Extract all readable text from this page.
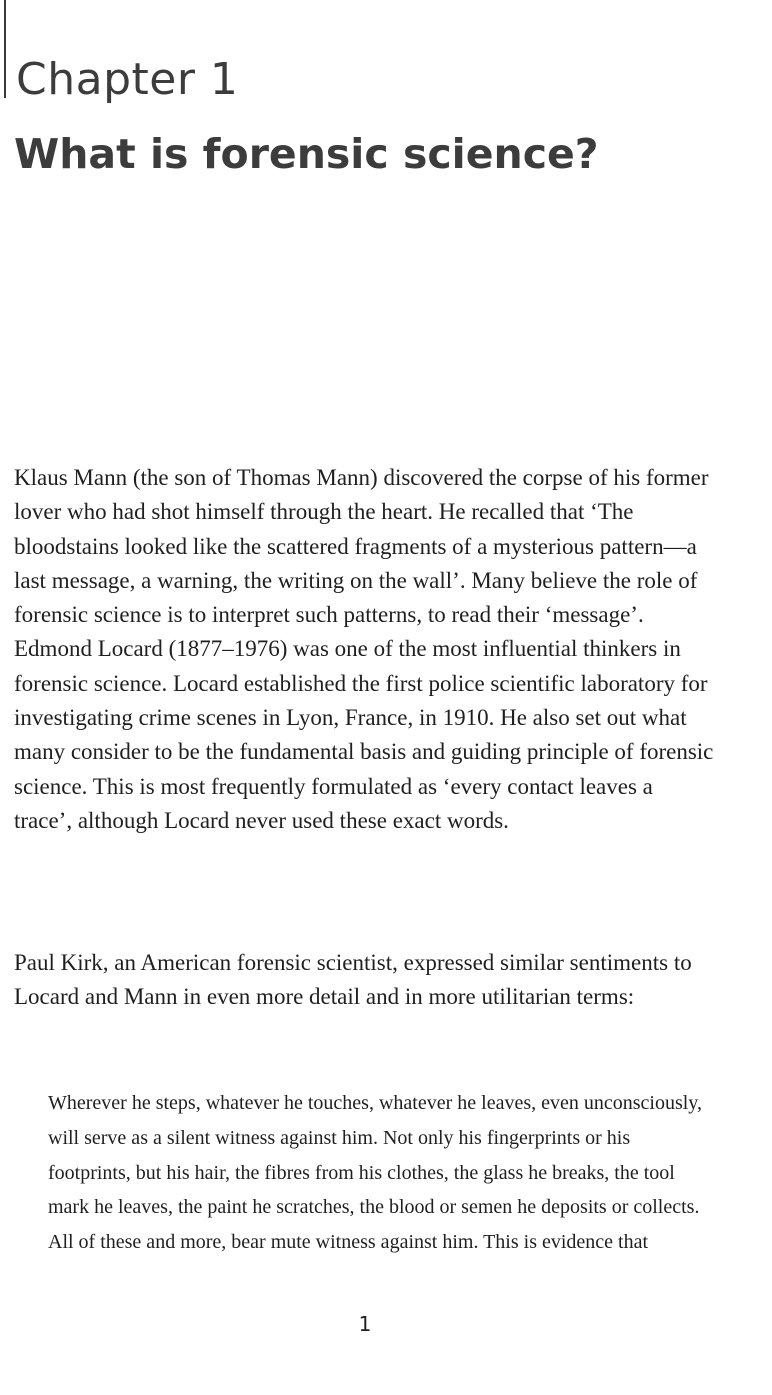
Chapter 1
What is forensic science?

Klaus Mann (the son of Thomas Mann) discovered the corpse of his former lover who had shot himself through the heart. He recalled that ‘The bloodstains looked like the scattered fragments of a mysterious pattern—a last message, a warning, the writing on the wall’. Many believe the role of forensic science is to interpret such patterns, to read their ‘message’. Edmond Locard (1877–1976) was one of the most influential thinkers in forensic science. Locard established the first police scientific laboratory for investigating crime scenes in Lyon, France, in 1910. He also set out what many consider to be the fundamental basis and guiding principle of forensic science. This is most frequently formulated as ‘every contact leaves a trace’, although Locard never used these exact words.

Paul Kirk, an American forensic scientist, expressed similar sentiments to Locard and Mann in even more detail and in more utilitarian terms:

Wherever he steps, whatever he touches, whatever he leaves, even unconsciously, will serve as a silent witness against him. Not only his fingerprints or his footprints, but his hair, the fibres from his clothes, the glass he breaks, the tool mark he leaves, the paint he scratches, the blood or semen he deposits or collects. All of these and more, bear mute witness against him. This is evidence that
1
